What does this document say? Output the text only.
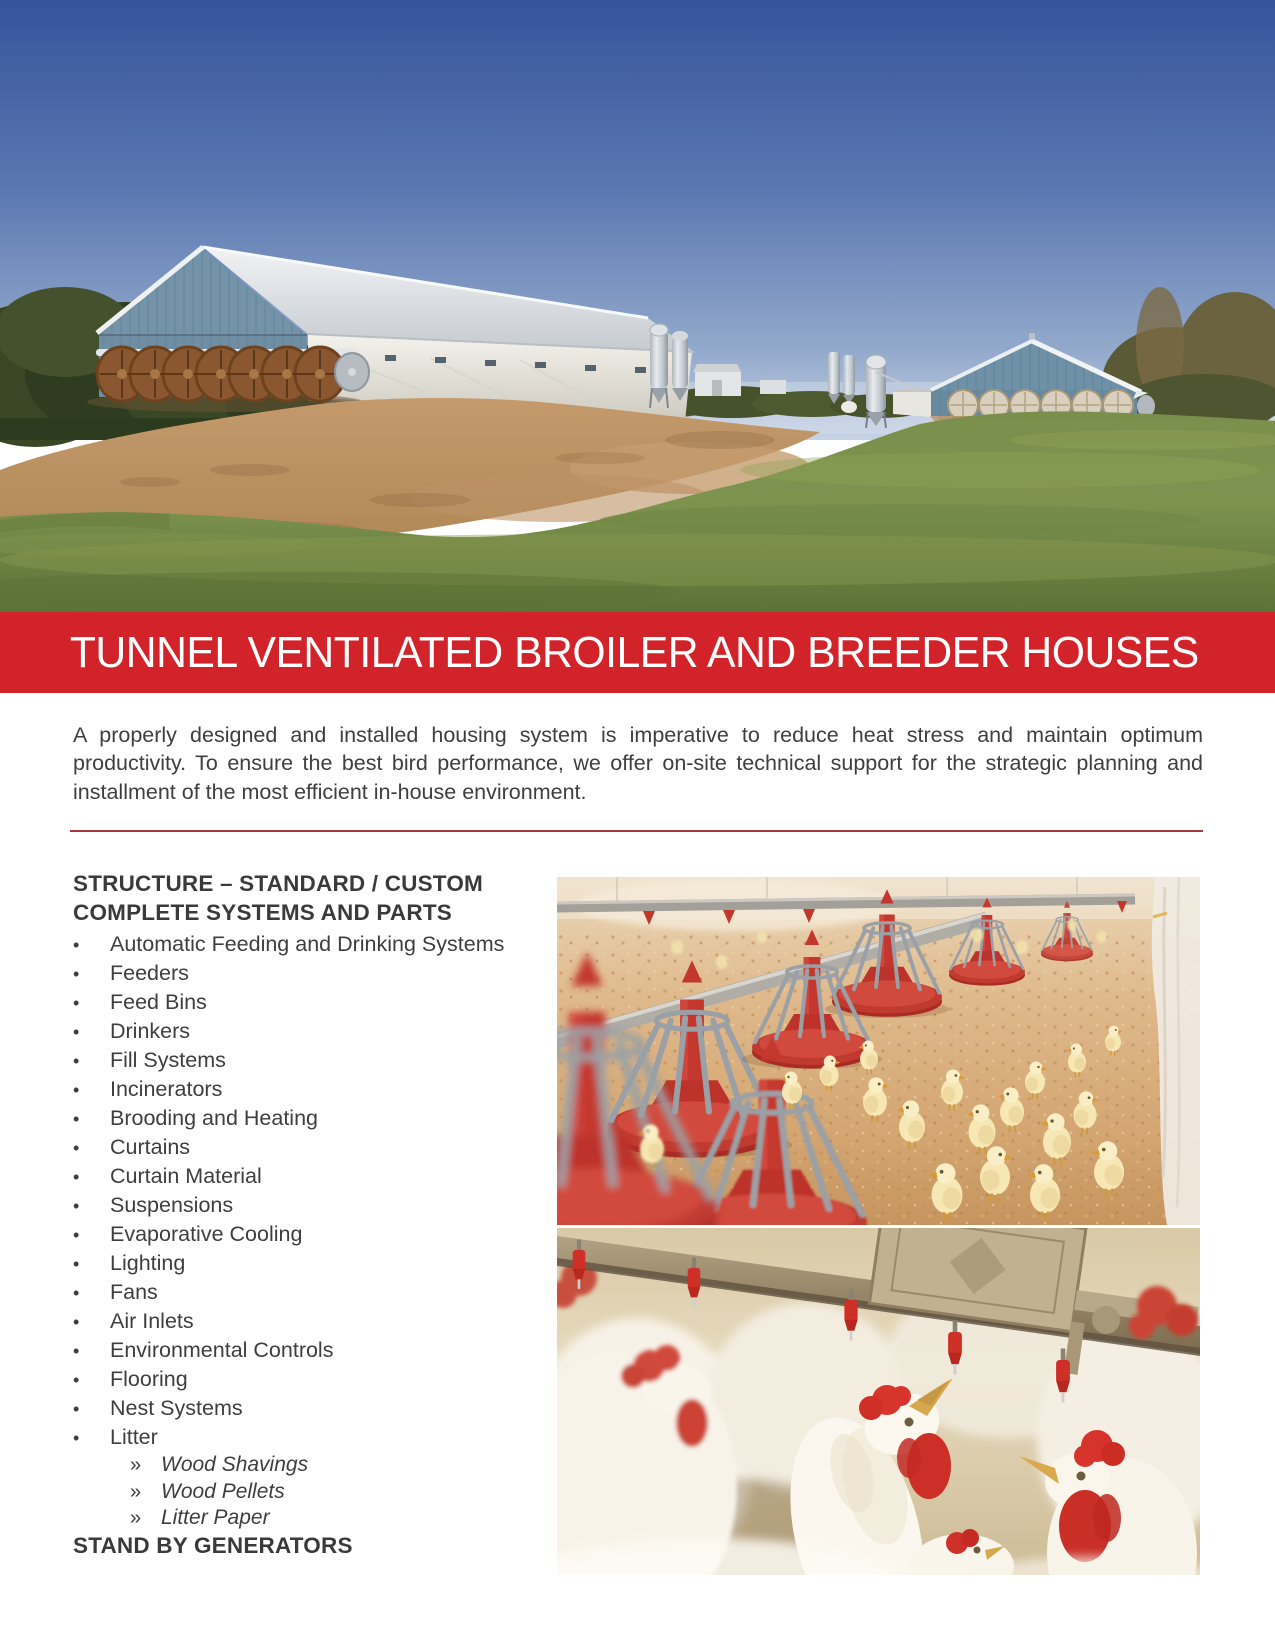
TUNNEL VENTILATED BROILER AND BREEDER HOUSES

A properly designed and installed housing system is imperative to reduce heat stress and maintain optimum productivity. To ensure the best bird performance, we offer on-site technical support for the strategic planning and installment of the most efficient in-house environment.

STRUCTURE – STANDARD / CUSTOM
COMPLETE SYSTEMS AND PARTS
•	Automatic Feeding and Drinking Systems
•	Feeders
•	Feed Bins
•	Drinkers
•	Fill Systems
•	Incinerators
•	Brooding and Heating
•	Curtains
•	Curtain Material
•	Suspensions
•	Evaporative Cooling
•	Lighting
•	Fans
•	Air Inlets
•	Environmental Controls
•	Flooring
•	Nest Systems
•	Litter
» Wood Shavings
» Wood Pellets
» Litter Paper
STAND BY GENERATORS
